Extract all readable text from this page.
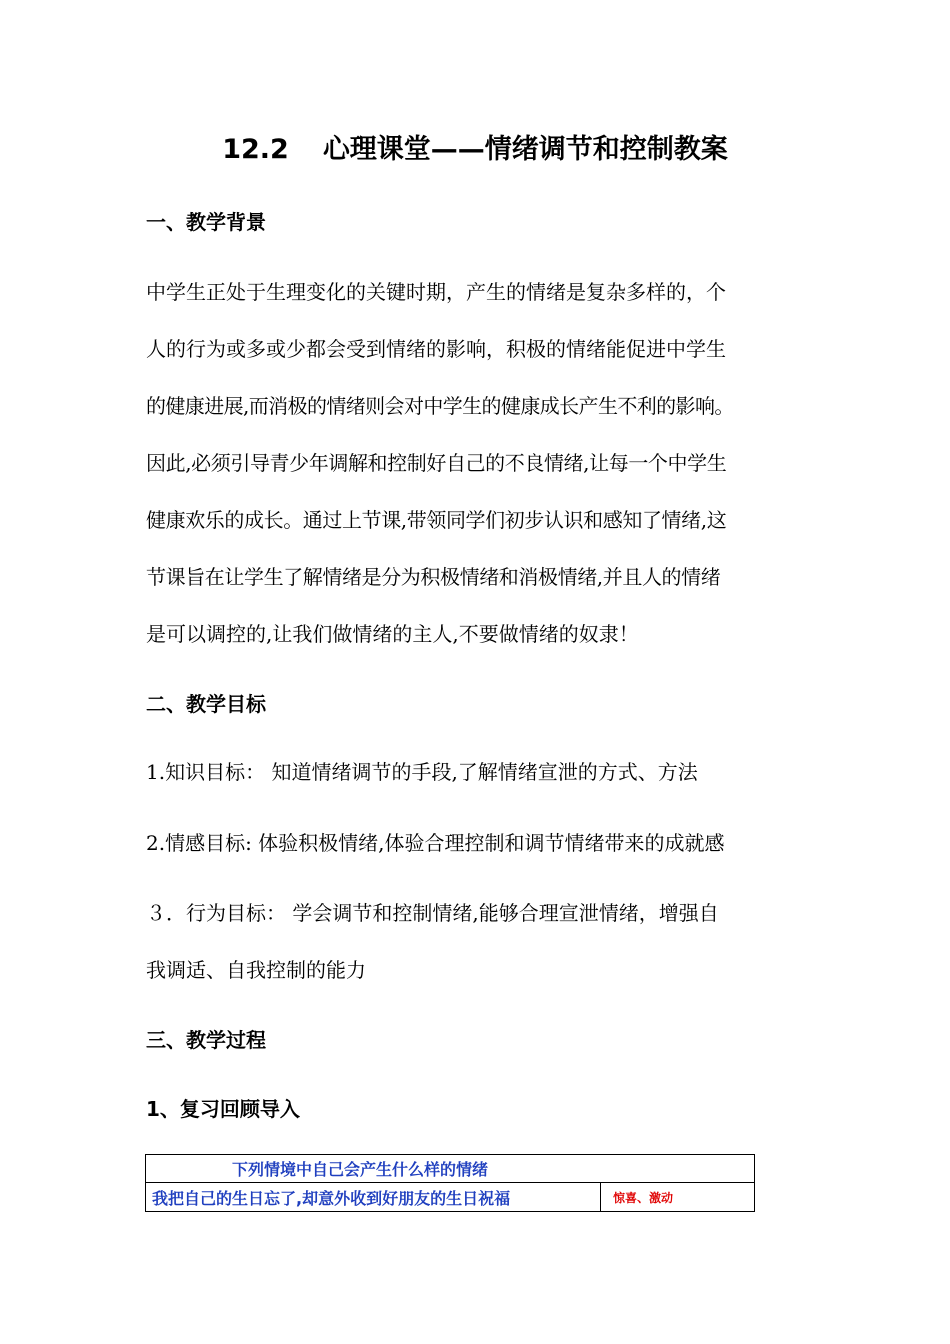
12.2 心理课堂——情绪调节和控制教案
一、教学背景
中学生正处于生理变化的关键时期，产生的情绪是复杂多样的，个
人的行为或多或少都会受到情绪的影响，积极的情绪能促进中学生
的健康进展,而消极的情绪则会对中学生的健康成长产生不利的影响。
因此,必须引导青少年调解和控制好自己的不良情绪,让每一个中学生
健康欢乐的成长。通过上节课,带领同学们初步认识和感知了情绪,这
节课旨在让学生了解情绪是分为积极情绪和消极情绪,并且人的情绪
是可以调控的,让我们做情绪的主人,不要做情绪的奴隶！
二、教学目标
1.知识目标： 知道情绪调节的手段,了解情绪宣泄的方式、方法
2.情感目标: 体验积极情绪,体验合理控制和调节情绪带来的成就感
３．行为目标： 学会调节和控制情绪,能够合理宣泄情绪，增强自
我调适、自我控制的能力
三、教学过程
1、复习回顾导入
下列情境中自己会产生什么样的情绪
我把自己的生日忘了,却意外收到好朋友的生日祝福	惊喜、激动
